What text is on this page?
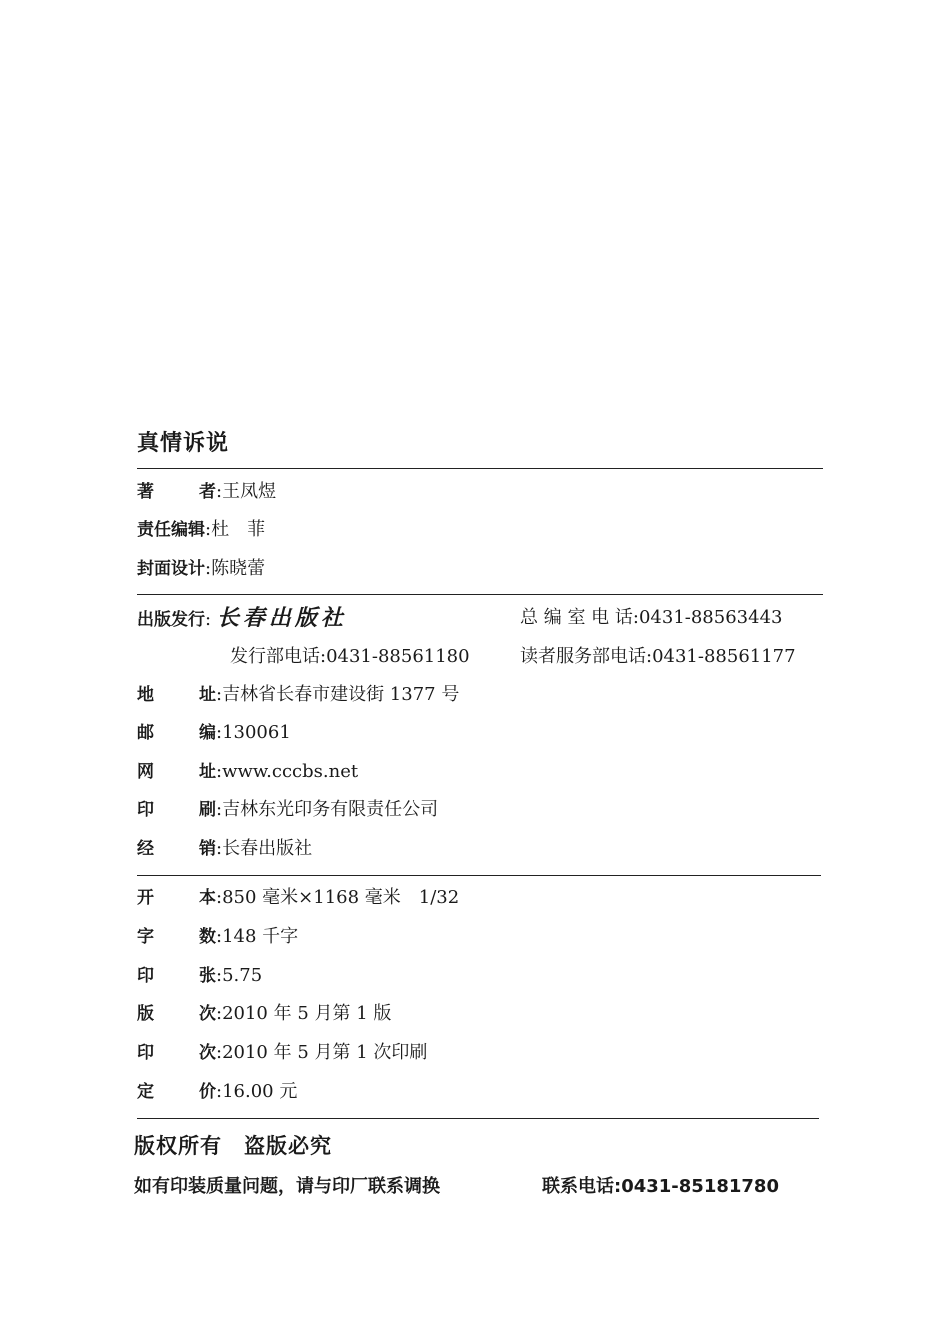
真情诉说
著	者:王凤煜
责任编辑:杜　菲
封面设计:陈晓蕾
出版发行: 长春出版社	总 编 室 电 话:0431-88563443
发行部电话:0431-88561180	读者服务部电话:0431-88561177
地	址:吉林省长春市建设街 1377 号
邮	编:130061
网	址:www.cccbs.net
印	刷:吉林东光印务有限责任公司
经	销:长春出版社
开	本:850 毫米×1168 毫米　1/32
字	数:148 千字
印	张:5.75
版	次:2010 年 5 月第 1 版
印	次:2010 年 5 月第 1 次印刷
定	价:16.00 元
版权所有　盗版必究
如有印装质量问题，请与印厂联系调换	联系电话:0431-85181780
